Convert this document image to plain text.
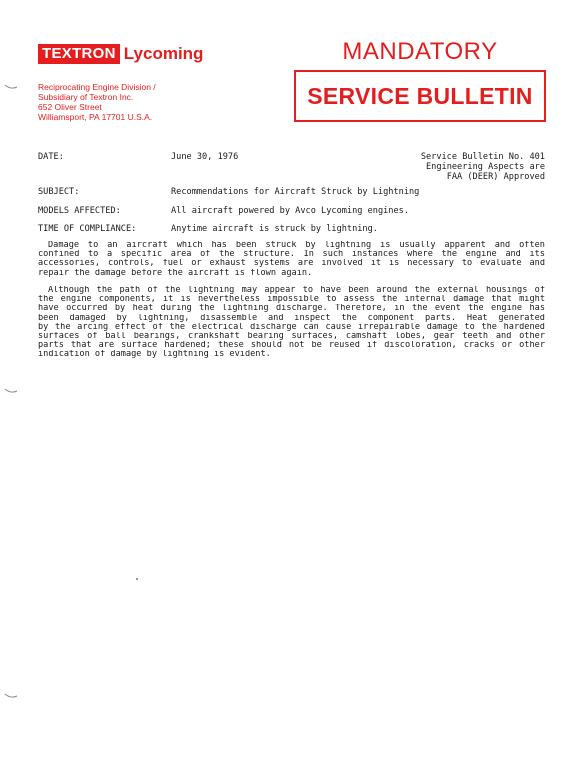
TEXTRON Lycoming
Reciprocating Engine Division /
Subsidiary of Textron Inc.
652 Oliver Street
Williamsport, PA 17701 U.S.A.
MANDATORY
SERVICE BULLETIN
DATE:	June 30, 1976	Service Bulletin No. 401
Engineering Aspects are
FAA (DEER) Approved
SUBJECT:	Recommendations for Aircraft Struck by Lightning
MODELS AFFECTED:	All aircraft powered by Avco Lycoming engines.
TIME OF COMPLIANCE:	Anytime aircraft is struck by lightning.
Damage to an aircraft which has been struck by lightning is usually apparent and often
confined to a specific area of the structure. In such instances where the engine and its
accessories, controls, fuel or exhaust systems are involved it is necessary to evaluate and
repair the damage before the aircraft is flown again.
Although the path of the lightning may appear to have been around the external housings of
the engine components, it is nevertheless impossible to assess the internal damage that might
have occurred by heat during the lightning discharge. Therefore, in the event the engine has
been damaged by lightning, disassemble and inspect the component parts. Heat generated
by the arcing effect of the electrical discharge can cause irrepairable damage to the hardened
surfaces of ball bearings, crankshaft bearing surfaces, camshaft lobes, gear teeth and other
parts that are surface hardened; these should not be reused if discoloration, cracks or other
indication of damage by lightning is evident.
